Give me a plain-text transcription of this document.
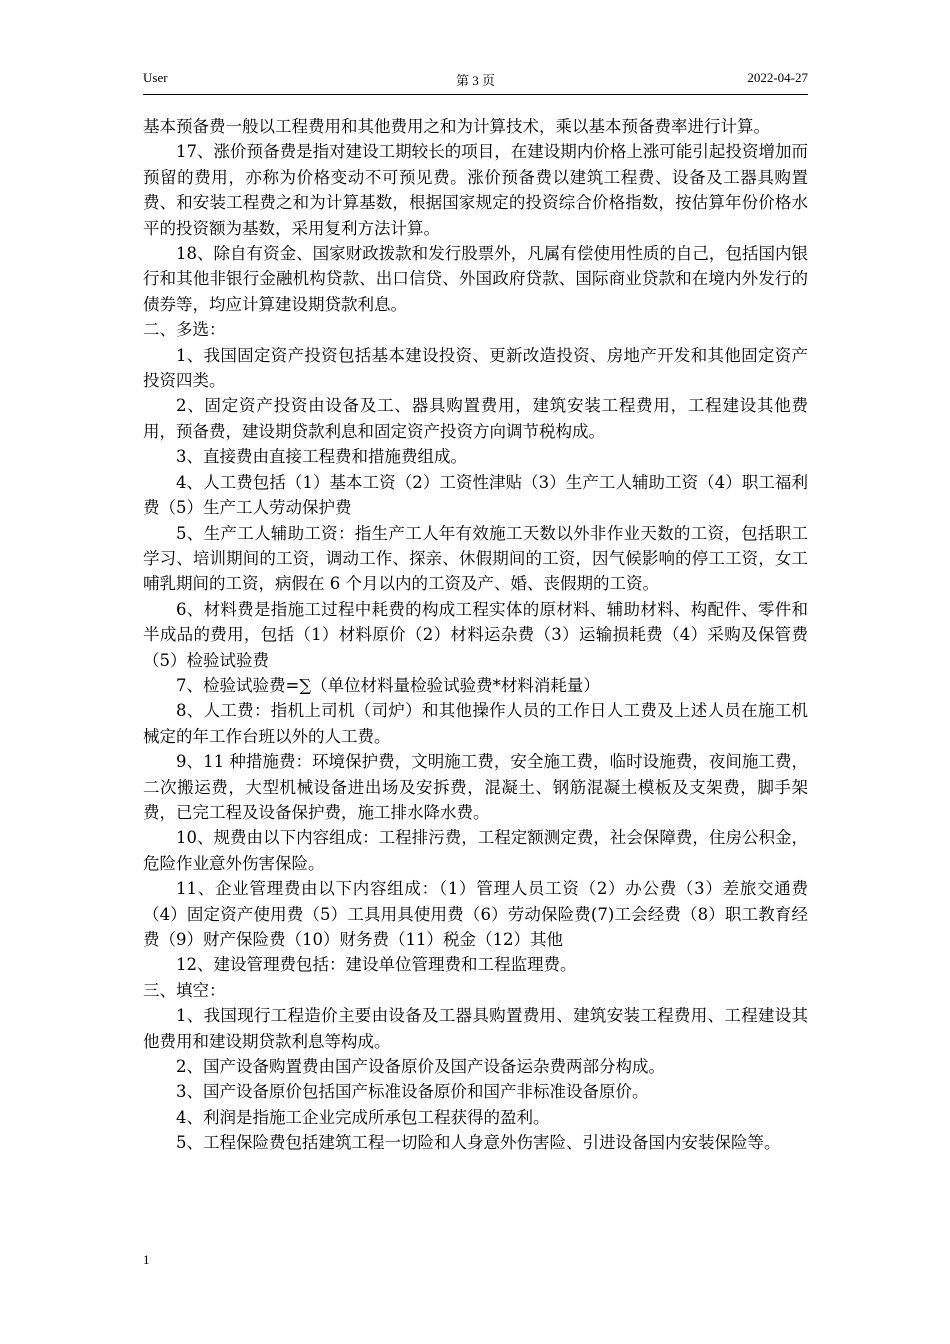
User	第 3 页	2022-04-27

基本预备费一般以工程费用和其他费用之和为计算技术，乘以基本预备费率进行计算。

17、涨价预备费是指对建设工期较长的项目，在建设期内价格上涨可能引起投资增加而预留的费用，亦称为价格变动不可预见费。涨价预备费以建筑工程费、设备及工器具购置费、和安装工程费之和为计算基数，根据国家规定的投资综合价格指数，按估算年份价格水平的投资额为基数，采用复利方法计算。

18、除自有资金、国家财政拨款和发行股票外，凡属有偿使用性质的自己，包括国内银行和其他非银行金融机构贷款、出口信贷、外国政府贷款、国际商业贷款和在境内外发行的债券等，均应计算建设期贷款利息。

二、多选：

1、我国固定资产投资包括基本建设投资、更新改造投资、房地产开发和其他固定资产投资四类。

2、固定资产投资由设备及工、器具购置费用，建筑安装工程费用，工程建设其他费用，预备费，建设期贷款利息和固定资产投资方向调节税构成。

3、直接费由直接工程费和措施费组成。

4、人工费包括（1）基本工资（2）工资性津贴（3）生产工人辅助工资（4）职工福利费（5）生产工人劳动保护费

5、生产工人辅助工资：指生产工人年有效施工天数以外非作业天数的工资，包括职工学习、培训期间的工资，调动工作、探亲、休假期间的工资，因气候影响的停工工资，女工哺乳期间的工资，病假在 6 个月以内的工资及产、婚、丧假期的工资。

6、材料费是指施工过程中耗费的构成工程实体的原材料、辅助材料、构配件、零件和半成品的费用，包括（1）材料原价（2）材料运杂费（3）运输损耗费（4）采购及保管费（5）检验试验费

7、检验试验费=∑（单位材料量检验试验费*材料消耗量）

8、人工费：指机上司机（司炉）和其他操作人员的工作日人工费及上述人员在施工机械定的年工作台班以外的人工费。

9、11 种措施费：环境保护费，文明施工费，安全施工费，临时设施费，夜间施工费，二次搬运费，大型机械设备进出场及安拆费，混凝土、钢筋混凝土模板及支架费，脚手架费，已完工程及设备保护费，施工排水降水费。

10、规费由以下内容组成：工程排污费，工程定额测定费，社会保障费，住房公积金，危险作业意外伤害保险。

11、企业管理费由以下内容组成：（1）管理人员工资（2）办公费（3）差旅交通费（4）固定资产使用费（5）工具用具使用费（6）劳动保险费(7)工会经费（8）职工教育经费（9）财产保险费（10）财务费（11）税金（12）其他

12、建设管理费包括：建设单位管理费和工程监理费。

三、填空：

1、我国现行工程造价主要由设备及工器具购置费用、建筑安装工程费用、工程建设其他费用和建设期贷款利息等构成。

2、国产设备购置费由国产设备原价及国产设备运杂费两部分构成。

3、国产设备原价包括国产标准设备原价和国产非标准设备原价。

4、利润是指施工企业完成所承包工程获得的盈利。

5、工程保险费包括建筑工程一切险和人身意外伤害险、引进设备国内安装保险等。

1
